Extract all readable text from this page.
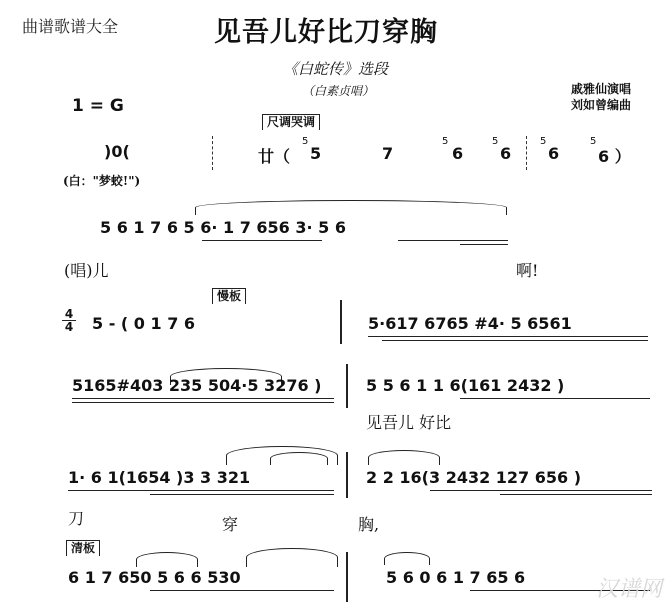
曲谱歌谱大全	见吾儿好比刀穿胸
《白蛇传》选段
（白素贞唱）	戚雅仙演唱
刘如曾编曲
1 = G
尺调哭调
)0(	廿（
5
5	7
5
6
5
6
5
6
5
6 ）
(白："梦蛟!")
5 6 1 7 6 5 6· 1 7 656 3· 5 6
(唱)儿	啊!
慢板
4
4 5 - ( 0 1 7 6	5·617 6765 #4· 5 6561
5165#403 235 504·5 3276 )	5 5 6 1 1 6(161 2432 )
见吾儿 好比
1· 6 1(1654 )3 3 321	2 2 16(3 2432 127 656 )
刀	穿	胸,
清板
6 1 7 650 5 6 6 530	5 6 0 6 1 7 65 6	汉谱网
